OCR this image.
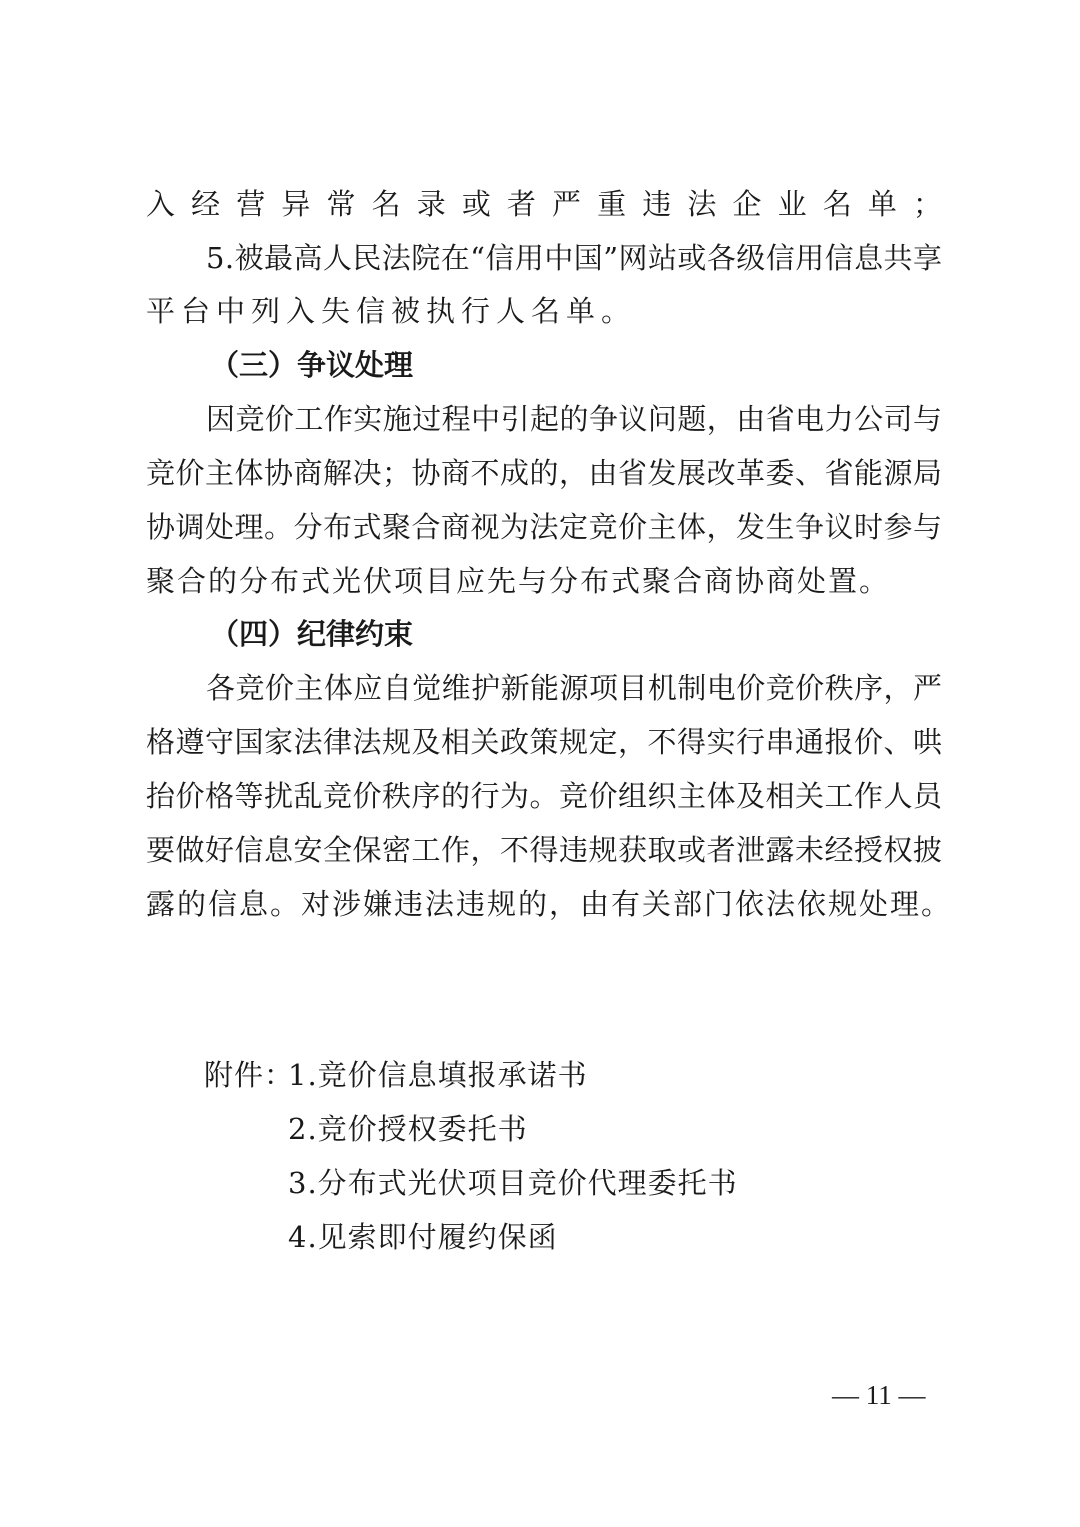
入经营异常名录或者严重违法企业名单；
5.被最高人民法院在“信用中国”网站或各级信用信息共享
平台中列入失信被执行人名单。
（三）争议处理
因竞价工作实施过程中引起的争议问题，由省电力公司与
竞价主体协商解决；协商不成的，由省发展改革委、省能源局
协调处理。分布式聚合商视为法定竞价主体，发生争议时参与
聚合的分布式光伏项目应先与分布式聚合商协商处置。
（四）纪律约束
各竞价主体应自觉维护新能源项目机制电价竞价秩序，严
格遵守国家法律法规及相关政策规定，不得实行串通报价、哄
抬价格等扰乱竞价秩序的行为。竞价组织主体及相关工作人员
要做好信息安全保密工作，不得违规获取或者泄露未经授权披
露的信息。对涉嫌违法违规的，由有关部门依法依规处理。
附件：
1.竞价信息填报承诺书
2.竞价授权委托书
3.分布式光伏项目竞价代理委托书
4.见索即付履约保函
— 11 —
